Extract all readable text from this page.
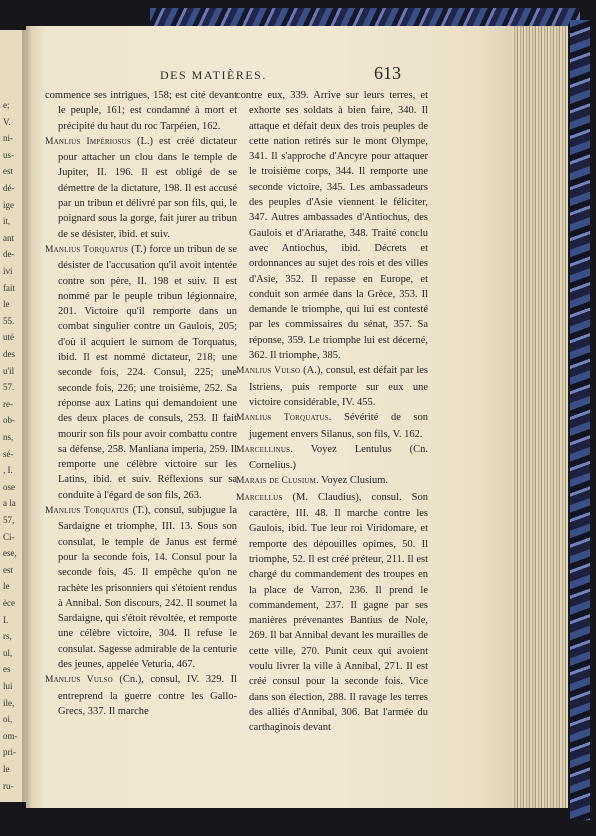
e;
V.
ni-
us-
est
dé-
ige
it,
ant
de-
ivi
fait
le
55.
uté
des
u'il
57.
re-
ob-
ns,
sé-
, I.
ose
a la
57,
Ci-
ese,
est
le
èce
I.
rs,
ul,
es
lui
ile,
oi,
om-
pri-
le
ru-
DES MATIÈRES.	613

commence ses intrigues, 158; est cité devant le peuple, 161; est condamné à mort et précipité du haut du roc Tarpéien, 162.

Manlius Impériosus (L.) est créé dictateur pour attacher un clou dans le temple de Jupiter, II. 196. Il est obligé de se démettre de la dictature, 198. Il est accusé par un tribun et délivré par son fils, qui, le poignard sous la gorge, fait jurer au tribun de se désister, ibid. et suiv.

Manlius Torquatus (T.) force un tribun de se désister de l'accusation qu'il avoit intentée contre son père, II. 198 et suiv. Il est nommé par le peuple tribun légionnaire, 201. Victoire qu'il remporte dans un combat singulier contre un Gaulois, 205; d'où il acquiert le surnom de Torquatus, ibid. Il est nommé dictateur, 218; une seconde fois, 224. Consul, 225; une seconde fois, 226; une troisième, 252. Sa réponse aux Latins qui demandoient une des deux places de consuls, 253. Il fait mourir son fils pour avoir combattu contre sa défense, 258. Manliana imperia, 259. Il remporte une célèbre victoire sur les Latins, ibid. et suiv. Réflexions sur sa conduite à l'égard de son fils, 263.

Manlius Torquatus (T.), consul, subjugue la Sardaigne et triomphe, III. 13. Sous son consulat, le temple de Janus est fermé pour la seconde fois, 14. Consul pour la seconde fois, 45. Il empêche qu'on ne rachète les prisonniers qui s'étoient rendus à Annibal. Son discours, 242. Il soumet la Sardaigne, qui s'étoit révoltée, et remporte une célèbre victoire, 304. Il refuse le consulat. Sagesse admirable de la centurie des jeunes, appelée Veturia, 467.

Manlius Vulso (Cn.), consul, IV. 329. Il entreprend la guerre contre les Gallo-Grecs, 337. Il marche

contre eux, 339. Arrive sur leurs terres, et exhorte ses soldats à bien faire, 340. Il attaque et défait deux des trois peuples de cette nation retirés sur le mont Olympe, 341. Il s'approche d'Ancyre pour attaquer le troisième corps, 344. Il remporte une seconde victoire, 345. Les ambassadeurs des peuples d'Asie viennent le féliciter, 347. Autres ambassades d'Antiochus, des Gaulois et d'Ariarathe, 348. Traité conclu avec Antiochus, ibid. Décrets et ordonnances au sujet des rois et des villes d'Asie, 352. Il repasse en Europe, et conduit son armée dans la Grèce, 353. Il demande le triomphe, qui lui est contesté par les commissaires du sénat, 357. Sa réponse, 359. Le triomphe lui est décerné, 362. Il triomphe, 385.

Manlius Vulso (A.), consul, est défait par les Istriens, puis remporte sur eux une victoire considérable, IV. 455.

Manlius Torquatus. Sévérité de son jugement envers Silanus, son fils, V. 162.

Marcellinus. Voyez Lentulus (Cn. Cornelius.)

Marais de Clusium. Voyez Clusium.

Marcellus (M. Claudius), consul. Son caractère, III. 48. Il marche contre les Gaulois, ibid. Tue leur roi Viridomare, et remporte des dépouilles opimes, 50. Il triomphe, 52. Il est créé préteur, 211. Il est chargé du commandement des troupes en la place de Varron, 236. Il prend le commandement, 237. Il gagne par ses manières prévenantes Bantius de Nole, 269. Il bat Annibal devant les murailles de cette ville, 270. Punit ceux qui avoient voulu livrer la ville à Annibal, 271. Il est créé consul pour la seconde fois. Vice dans son élection, 288. Il ravage les terres des alliés d'Annibal, 306. Bat l'armée du carthaginois devant
